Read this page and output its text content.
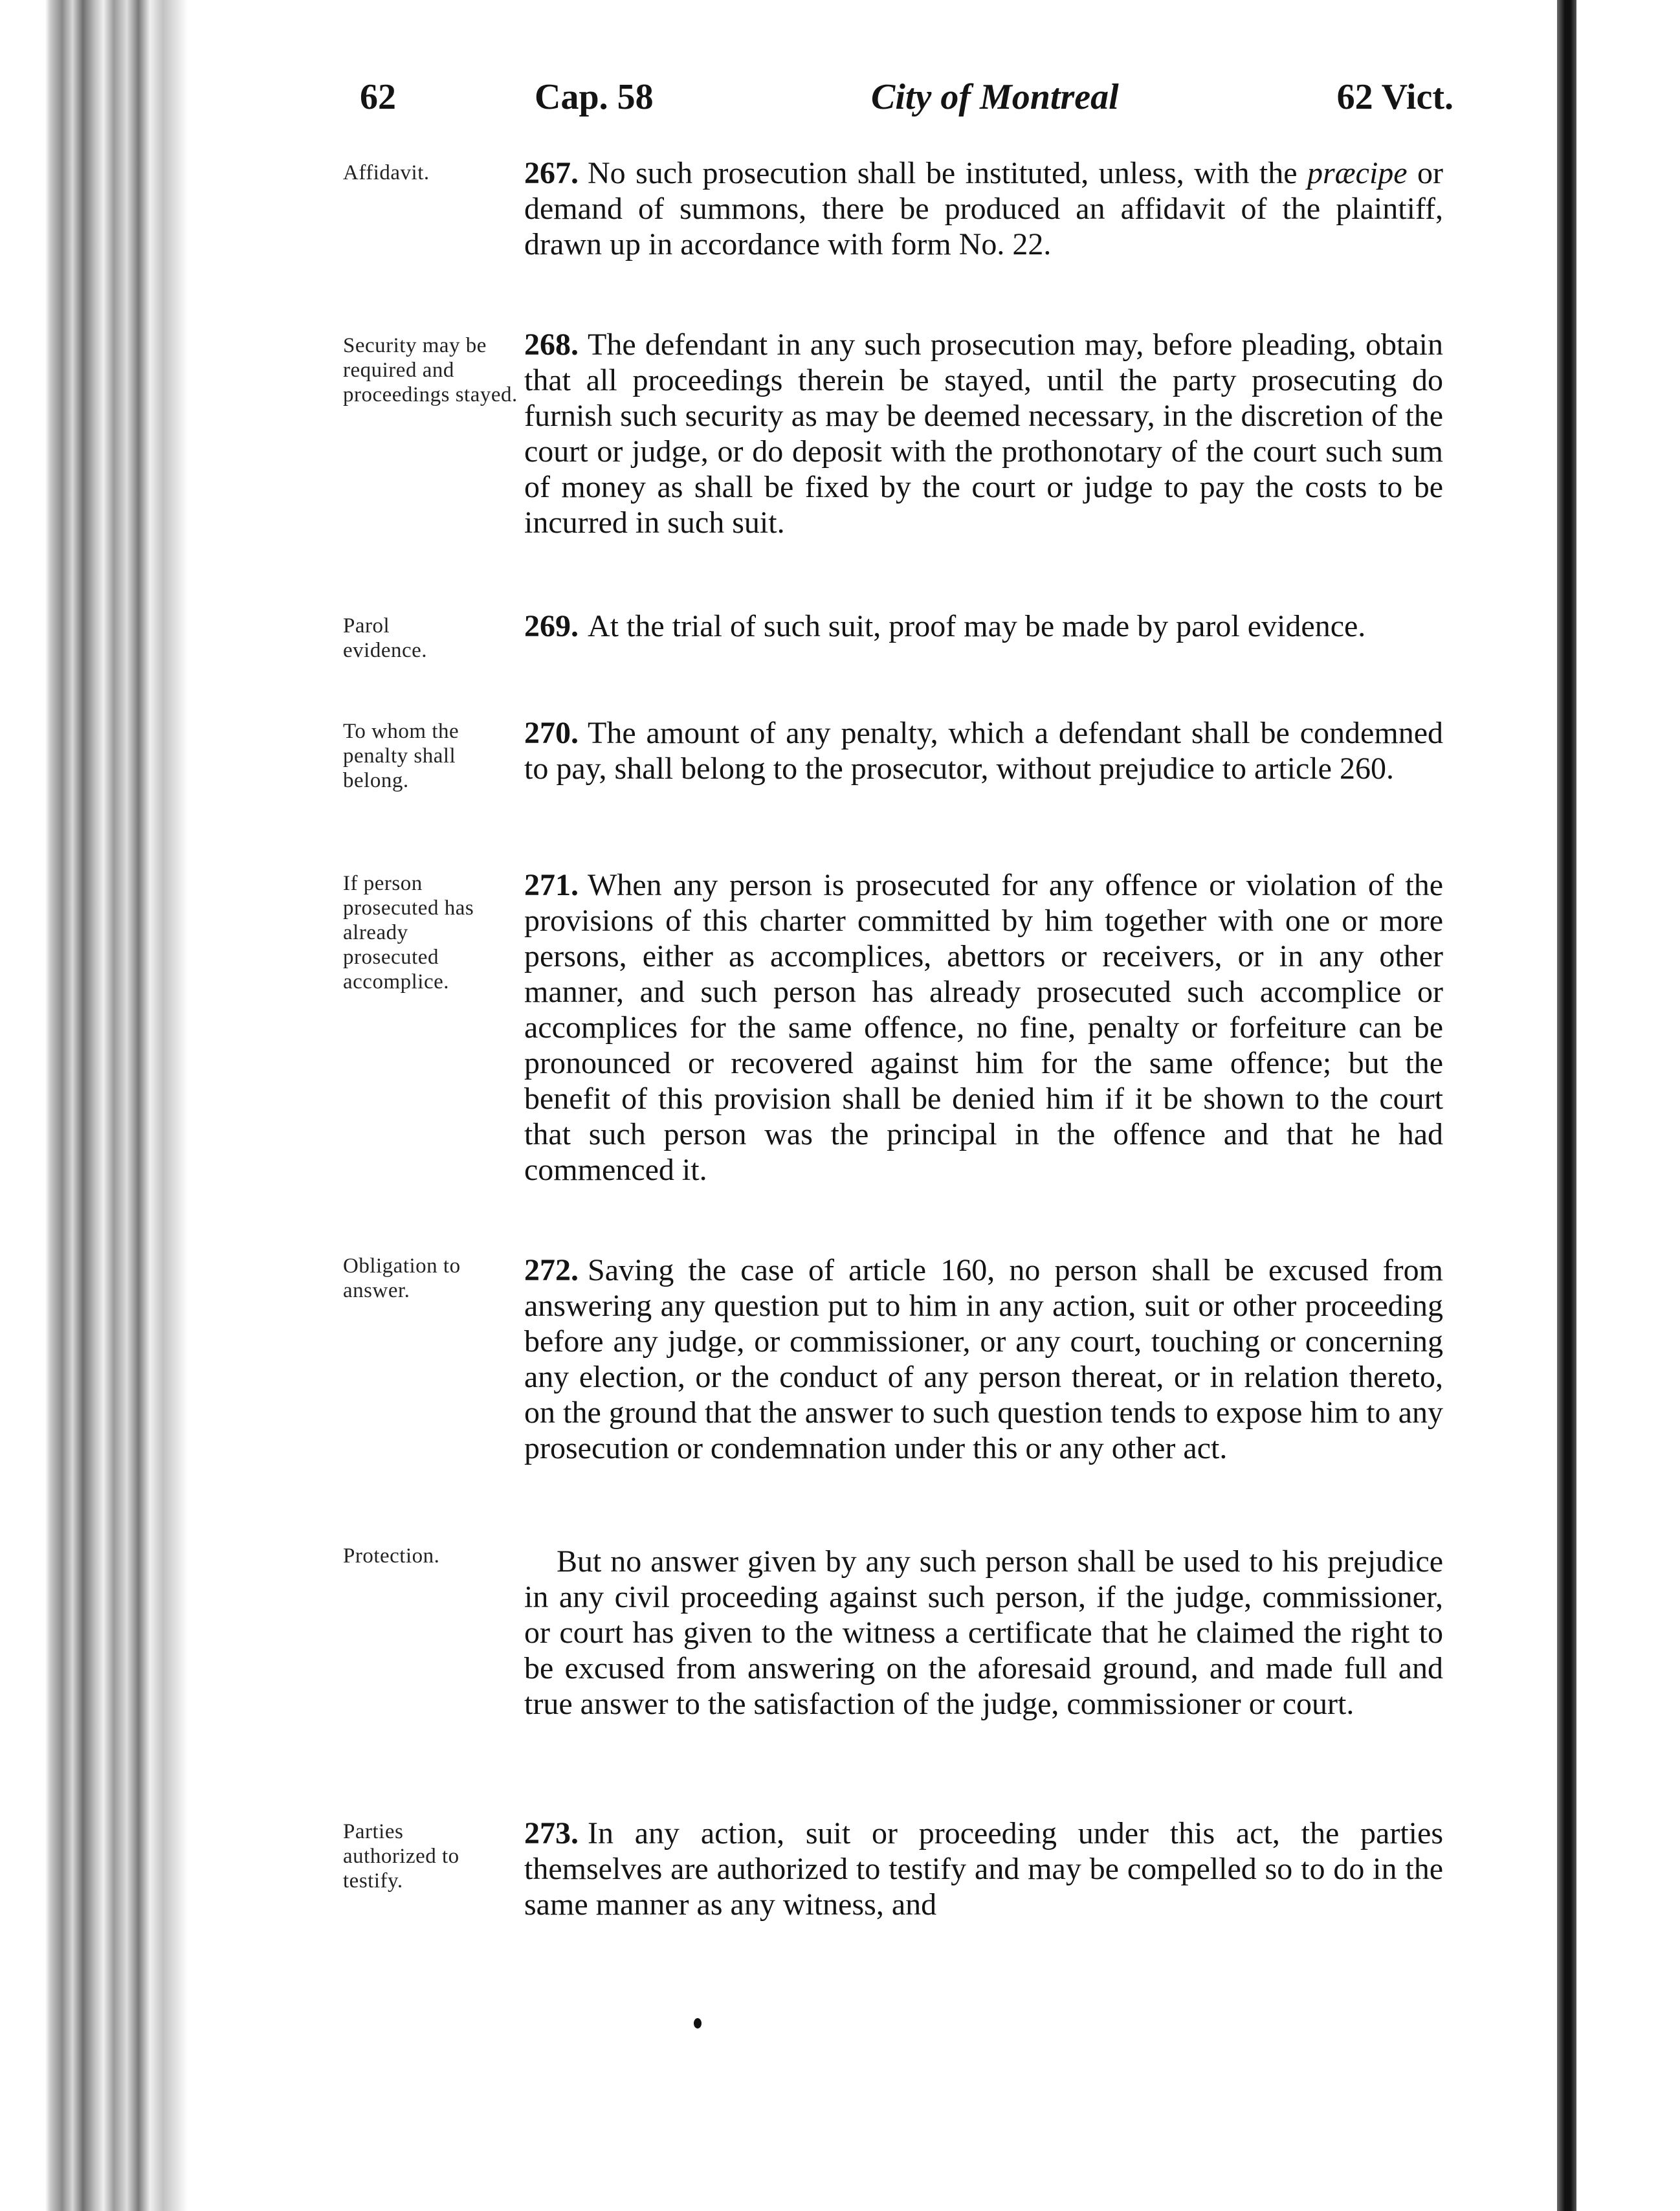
62	Cap. 58	City of Montreal	62 Vict.
Affidavit.	267. No such prosecution shall be instituted, unless, with the præcipe or demand of summons, there be produced an affidavit of the plaintiff, drawn up in accordance with form No. 22.
Security may be required and proceedings stayed.
268. The defendant in any such prosecution may, before pleading, obtain that all proceedings therein be stayed, until the party prosecuting do furnish such security as may be deemed necessary, in the discretion of the court or judge, or do deposit with the prothonotary of the court such sum of money as shall be fixed by the court or judge to pay the costs to be incurred in such suit.
Parol evidence.
269. At the trial of such suit, proof may be made by parol evidence.
To whom the penalty shall belong.
270. The amount of any penalty, which a defendant shall be condemned to pay, shall belong to the prosecutor, without prejudice to article 260.
If person prosecuted has already prosecuted accomplice.
271. When any person is prosecuted for any offence or violation of the provisions of this charter committed by him together with one or more persons, either as accomplices, abettors or receivers, or in any other manner, and such person has already prosecuted such accomplice or accomplices for the same offence, no fine, penalty or forfeiture can be pronounced or recovered against him for the same offence; but the benefit of this provision shall be denied him if it be shown to the court that such person was the principal in the offence and that he had commenced it.
Obligation to answer.
272. Saving the case of article 160, no person shall be excused from answering any question put to him in any action, suit or other proceeding before any judge, or commissioner, or any court, touching or concerning any election, or the conduct of any person thereat, or in relation thereto, on the ground that the answer to such question tends to expose him to any prosecution or condemnation under this or any other act.
Protection.	But no answer given by any such person shall be used to his prejudice in any civil proceeding against such person, if the judge, commissioner, or court has given to the witness a certificate that he claimed the right to be excused from answering on the aforesaid ground, and made full and true answer to the satisfaction of the judge, commissioner or court.
Parties authorized to testify.
273. In any action, suit or proceeding under this act, the parties themselves are authorized to testify and may be compelled so to do in the same manner as any witness, and
